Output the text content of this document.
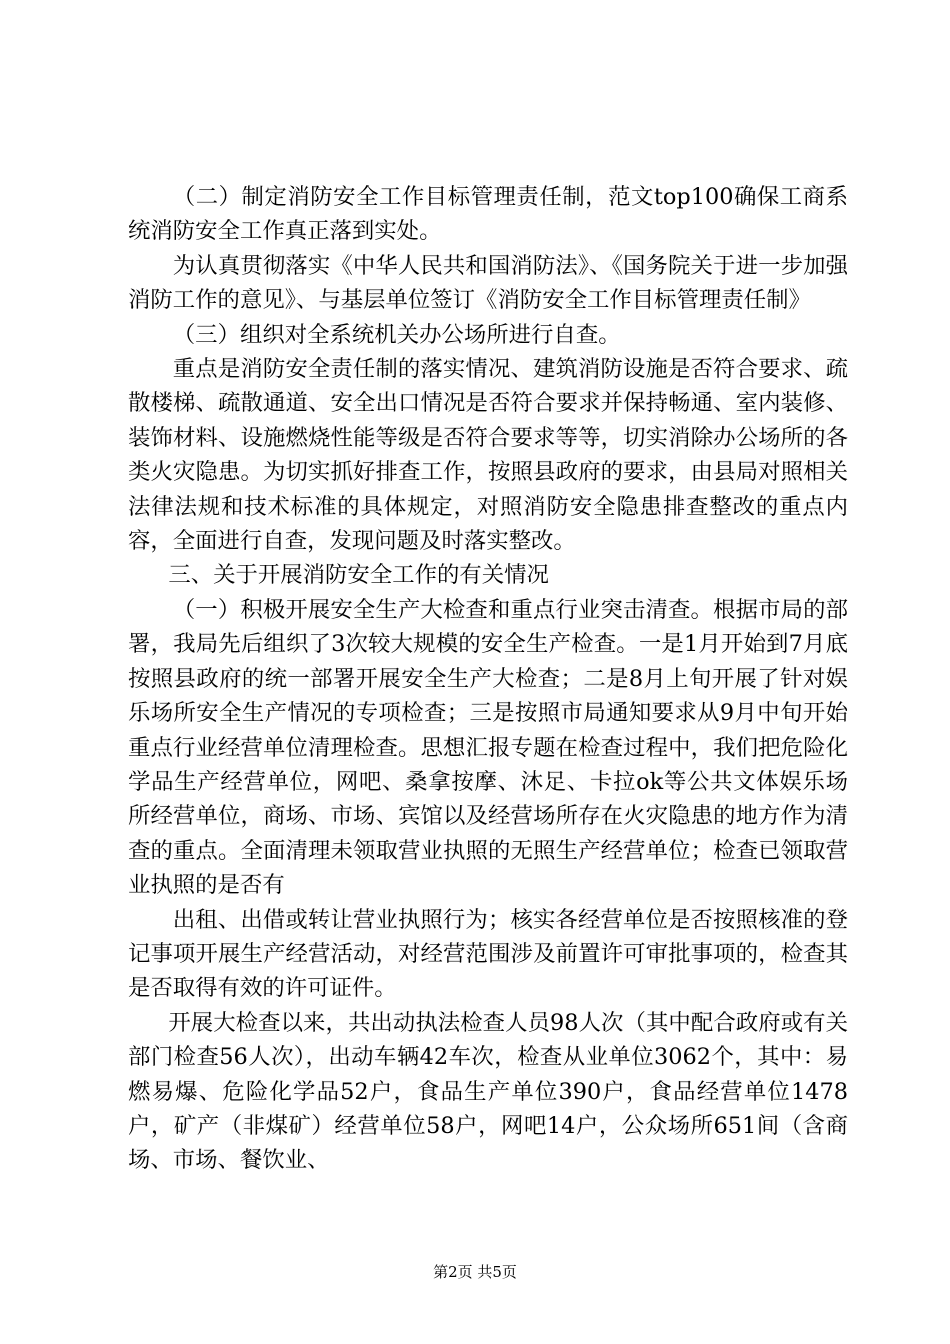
（二）制定消防安全工作目标管理责任制，范文top100确保工商系统消防安全工作真正落到实处。

为认真贯彻落实《中华人民共和国消防法》、《国务院关于进一步加强消防工作的意见》、与基层单位签订《消防安全工作目标管理责任制》

（三）组织对全系统机关办公场所进行自查。

重点是消防安全责任制的落实情况、建筑消防设施是否符合要求、疏散楼梯、疏散通道、安全出口情况是否符合要求并保持畅通、室内装修、装饰材料、设施燃烧性能等级是否符合要求等等，切实消除办公场所的各类火灾隐患。为切实抓好排查工作，按照县政府的要求，由县局对照相关法律法规和技术标准的具体规定，对照消防安全隐患排查整改的重点内容，全面进行自查，发现问题及时落实整改。

三、关于开展消防安全工作的有关情况

（一）积极开展安全生产大检查和重点行业突击清查。根据市局的部署，我局先后组织了3次较大规模的安全生产检查。一是1月开始到7月底按照县政府的统一部署开展安全生产大检查；二是8月上旬开展了针对娱乐场所安全生产情况的专项检查；三是按照市局通知要求从9月中旬开始重点行业经营单位清理检查。思想汇报专题在检查过程中，我们把危险化学品生产经营单位，网吧、桑拿按摩、沐足、卡拉ok等公共文体娱乐场所经营单位，商场、市场、宾馆以及经营场所存在火灾隐患的地方作为清查的重点。全面清理未领取营业执照的无照生产经营单位；检查已领取营业执照的是否有

出租、出借或转让营业执照行为；核实各经营单位是否按照核准的登记事项开展生产经营活动，对经营范围涉及前置许可审批事项的，检查其是否取得有效的许可证件。

开展大检查以来，共出动执法检查人员98人次（其中配合政府或有关部门检查56人次），出动车辆42车次，检查从业单位3062个，其中：易燃易爆、危险化学品52户，食品生产单位390户，食品经营单位1478户，矿产（非煤矿）经营单位58户，网吧14户，公众场所651间（含商场、市场、餐饮业、

第2页 共5页
